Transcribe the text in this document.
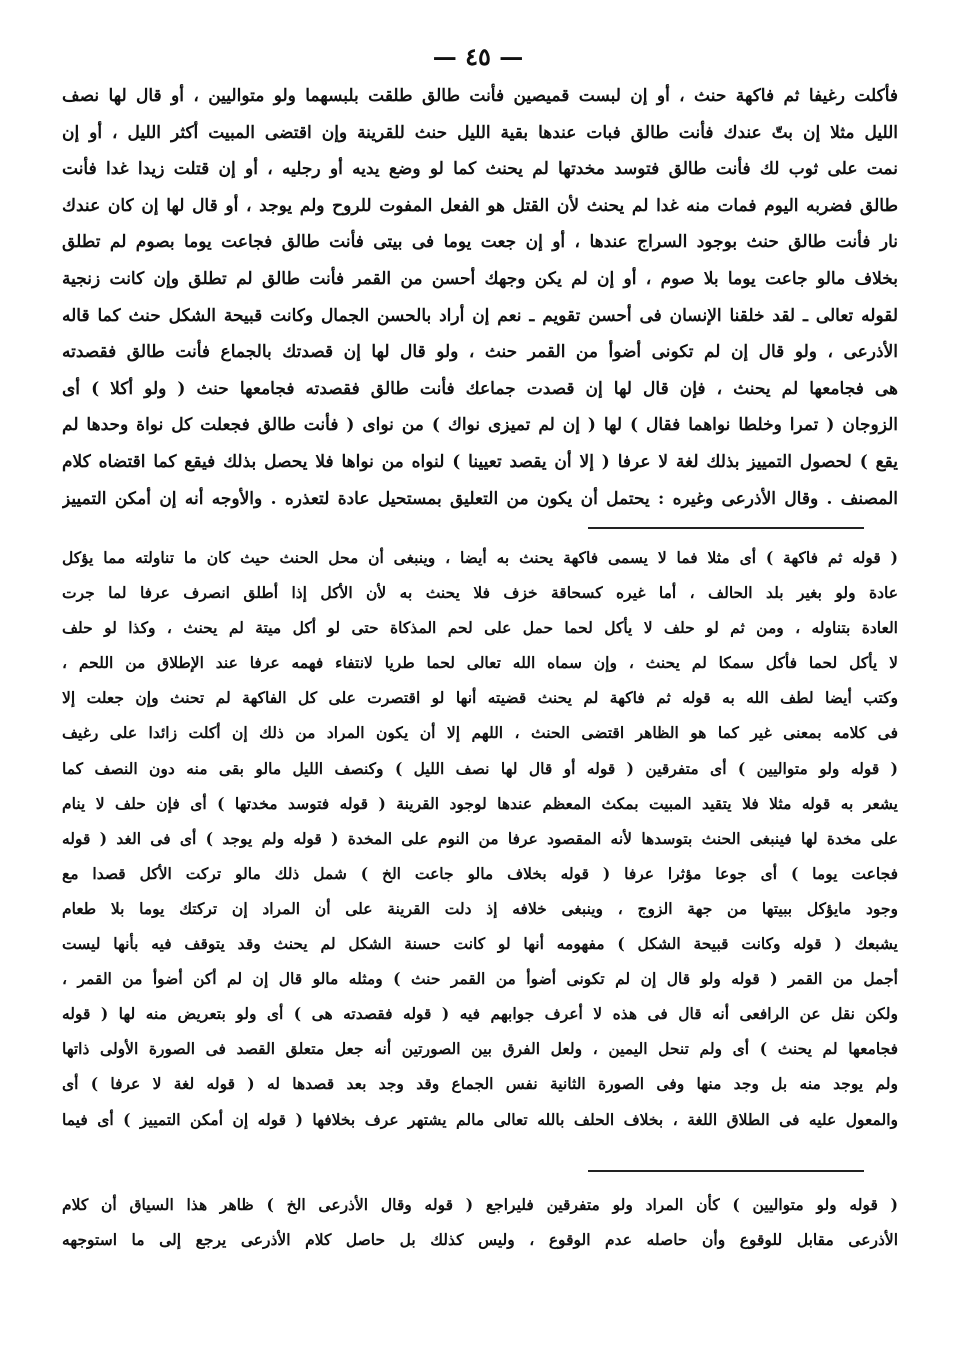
— ٤٥ —
فأكلت رغيفا ثم فاكهة حنث ، أو إن لبست قميصين فأنت طالق طلقت بلبسهما ولو متواليين ، أو قال لها نصف
الليل مثلا إن بتّ عندك فأنت طالق فبات عندها بقية الليل حنث للقرينة وإن اقتضى المبيت أكثر الليل ، أو إن
نمت على ثوب لك فأنت طالق فتوسد مخدتها لم يحنث كما لو وضع يديه أو رجليه ، أو إن قتلت زيدا غدا فأنت
طالق فضربه اليوم فمات منه غدا لم يحنث لأن القتل هو الفعل المفوت للروح ولم يوجد ، أو قال لها إن كان عندك
نار فأنت طالق حنث بوجود السراج عندها ، أو إن جعت يوما فى بيتى فأنت طالق فجاعت يوما بصوم لم تطلق
بخلاف مالو جاعت يوما بلا صوم ، أو إن لم يكن وجهك أحسن من القمر فأنت طالق لم تطلق وإن كانت زنجية
لقوله تعالى ـ لقد خلقنا الإنسان فى أحسن تقويم ـ نعم إن أراد بالحسن الجمال وكانت قبيحة الشكل حنث كما قاله
الأذرعى ، ولو قال إن لم تكونى أضوأ من القمر حنث ، ولو قال لها إن قصدتك بالجماع فأنت طالق فقصدته
هى فجامعها لم يحنث ، فإن قال لها إن قصدت جماعك فأنت طالق فقصدته فجامعها حنث ( ولو أكلا ) أى
الزوجان ( تمرا وخلطا نواهما فقال ) لها ( إن لم تميزى نواك ) من نواى ( فأنت طالق فجعلت كل نواة وحدها لم
يقع ) لحصول التمييز بذلك لغة لا عرفا ( إلا أن يقصد تعيينا ) لنواه من نواها فلا يحصل بذلك فيقع كما اقتضاه كلام
المصنف . وقال الأذرعى وغيره : يحتمل أن يكون من التعليق بمستحيل عادة لتعذره . والأوجه أنه إن أمكن التمييز
( قوله ثم فاكهة ) أى مثلا فما لا يسمى فاكهة يحنث به أيضا ، وينبغى أن محل الحنث حيث كان ما تناولته مما يؤكل
عادة ولو بغير بلد الحالف ، أما غيره كسحاقة خزف فلا يحنث به لأن الأكل إذا أطلق انصرف عرفا لما جرت
العادة بتناوله ، ومن ثم لو حلف لا يأكل لحما حمل على لحم المذكاة حتى لو أكل ميتة لم يحنث ، وكذا لو حلف
لا يأكل لحما فأكل سمكا لم يحنث ، وإن سماه الله تعالى لحما طريا لانتفاء فهمه عرفا عند الإطلاق من اللحم ،
وكتب أيضا لطف الله به قوله ثم فاكهة لم يحنث قضيته أنها لو اقتصرت على كل الفاكهة لم تحنث وإن جعلت إلا
فى كلامه بمعنى غير كما هو الظاهر اقتضى الحنث ، اللهم إلا أن يكون المراد من ذلك إن أكلت زائدا على رغيف
( قوله ولو متواليين ) أى متفرقين ( قوله أو قال لها نصف الليل ) وكنصف الليل مالو بقى منه دون النصف كما
يشعر به قوله مثلا فلا يتقيد المبيت بمكث المعظم عندها لوجود القرينة ( قوله فتوسد مخدتها ) أى فإن حلف لا ينام
على مخدة لها فينبغى الحنث بتوسدها لأنه المقصود عرفا من النوم على المخدة ( قوله ولم يوجد ) أى فى الغد ( قوله
فجاعت يوما ) أى جوعا مؤثرا عرفا ( قوله بخلاف مالو جاعت الخ ) شمل ذلك مالو تركت الأكل قصدا مع
وجود مايؤكل ببيتها من جهة الزوج ، وينبغى خلافه إذ دلت القرينة على أن المراد إن تركتك يوما بلا طعام
يشبعك ( قوله وكانت قبيحة الشكل ) مفهومه أنها لو كانت حسنة الشكل لم يحنث وقد يتوقف فيه بأنها ليست
أجمل من القمر ( قوله ولو قال إن لم تكونى أضوأ من القمر حنث ) ومثله مالو قال إن لم أكن أضوأ من القمر ،
ولكن نقل عن الرافعى أنه قال فى هذه لا أعرف جوابهم فيه ( قوله فقصدته هى ) أى ولو بتعريض منه لها ( قوله
فجامعها لم يحنث ) أى ولم تنحل اليمين ، ولعل الفرق بين الصورتين أنه جعل متعلق القصد فى الصورة الأولى ذاتها
ولم يوجد منه بل وجد منها وفى الصورة الثانية نفس الجماع وقد وجد بعد قصدها له ( قوله لغة لا عرفا ) أى
والمعول عليه فى الطلاق اللغة ، بخلاف الحلف بالله تعالى مالم يشتهر عرف بخلافها ( قوله إن أمكن التمييز ) أى فيما
( قوله ولو متواليين ) كأن المراد ولو متفرقين فليراجع ( قوله وقال الأذرعى الخ ) ظاهر هذا السياق أن كلام
الأذرعى مقابل للوقوع وأن حاصله عدم الوقوع ، وليس كذلك بل حاصل كلام الأذرعى يرجع إلى ما استوجهه
